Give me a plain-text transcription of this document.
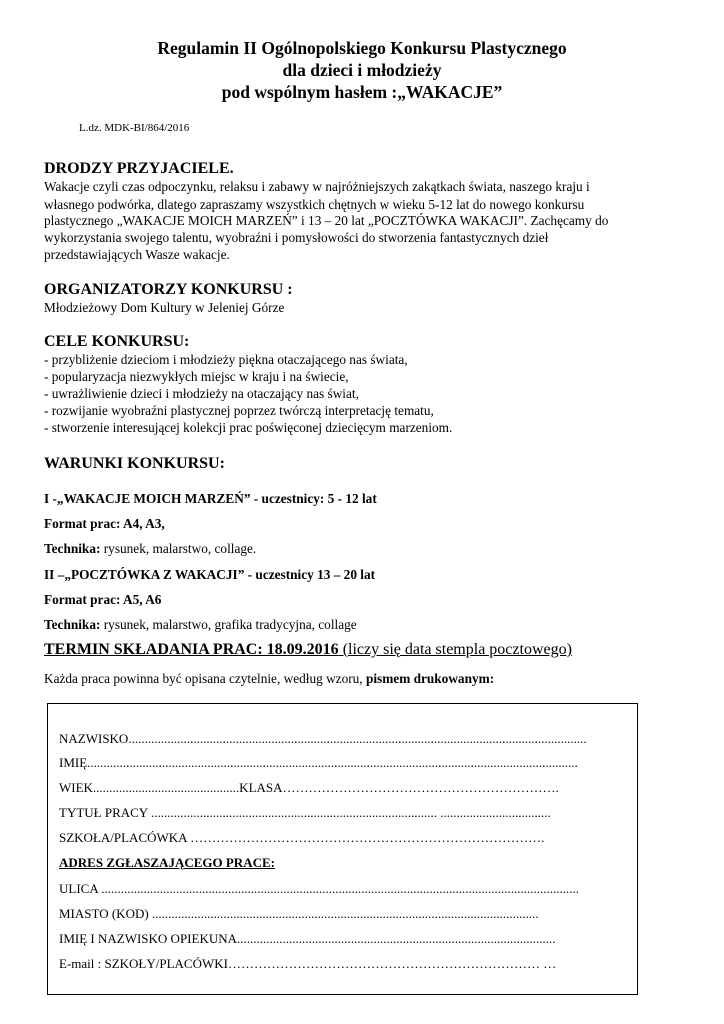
Regulamin II Ogólnopolskiego Konkursu Plastycznego
dla dzieci i młodzieży
pod wspólnym hasłem :„WAKACJE”
L.dz. MDK-BI/864/2016
DRODZY PRZYJACIELE.
Wakacje czyli czas odpoczynku, relaksu i zabawy w najróżniejszych zakątkach świata, naszego kraju i
własnego podwórka, dlatego zapraszamy wszystkich chętnych w wieku 5-12 lat do nowego konkursu
plastycznego „WAKACJE MOICH MARZEŃ” i 13 – 20 lat „POCZTÓWKA WAKACJI”. Zachęcamy do
wykorzystania swojego talentu, wyobraźni i pomysłowości do stworzenia fantastycznych dzieł
przedstawiających Wasze wakacje.
ORGANIZATORZY KONKURSU :
Młodzieżowy Dom Kultury w Jeleniej Górze
CELE KONKURSU:
- przybliżenie dzieciom i młodzieży piękna otaczającego nas świata,
- popularyzacja niezwykłych miejsc w kraju i na świecie,
- uwrażliwienie dzieci i młodzieży na otaczający nas świat,
- rozwijanie wyobraźni plastycznej poprzez twórczą interpretację tematu,
- stworzenie interesującej kolekcji prac poświęconej dziecięcym marzeniom.
WARUNKI KONKURSU:
I -„WAKACJE MOICH MARZEŃ” - uczestnicy: 5 - 12 lat
Format prac: A4, A3,
Technika: rysunek, malarstwo, collage.
II –„POCZTÓWKA Z WAKACJI” - uczestnicy 13 – 20 lat
Format prac: A5, A6
Technika: rysunek, malarstwo, grafika tradycyjna, collage
TERMIN SKŁADANIA PRAC: 18.09.2016 (liczy się data stempla pocztowego)
Każda praca powinna być opisana czytelnie, według wzoru, pismem drukowanym:
NAZWISKO.............................................................................................................................................
IMIĘ.......................................................................................................................................................
WIEK.............................................KLASA……………………………………………………….
TYTUŁ PRACY ........................................................................................ ..................................
SZKOŁA/PLACÓWKA ……………………………………………………………………….
ADRES ZGŁASZAJĄCEGO PRACE:
ULICA ...................................................................................................................................................
MIASTO (KOD) .......................................................................................................................
IMIĘ I NAZWISKO OPIEKUNA..................................................................................................
E-mail : SZKOŁY/PLACÓWKI……………………………………………………………… …
